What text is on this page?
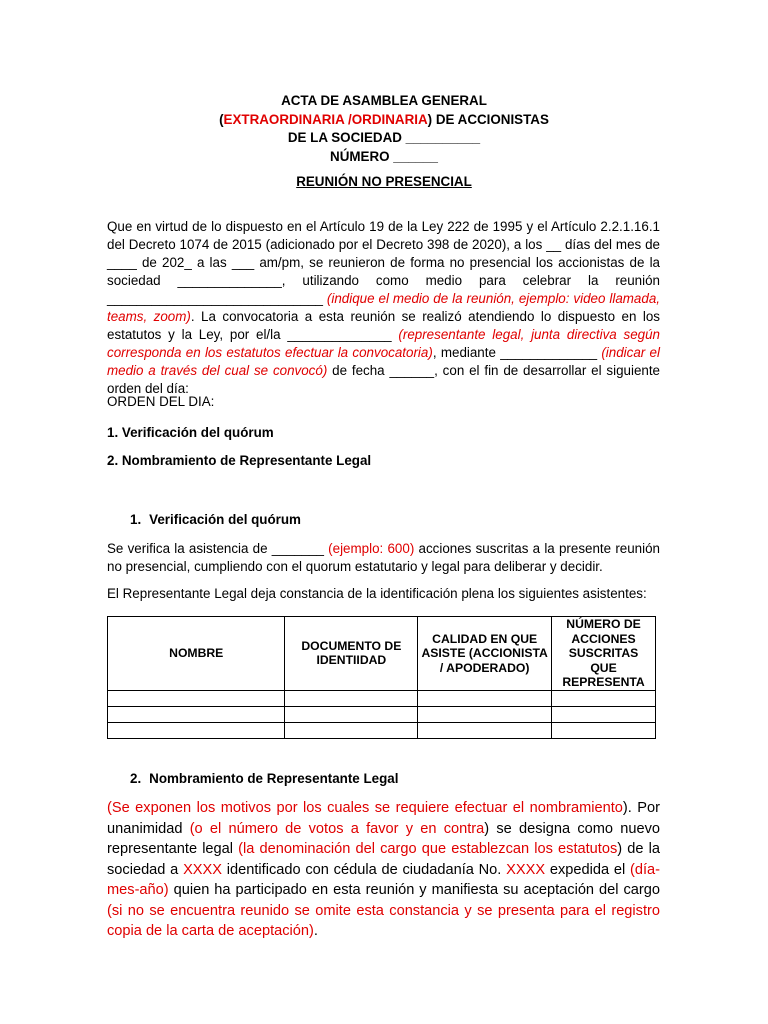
ACTA DE ASAMBLEA GENERAL
(EXTRAORDINARIA /ORDINARIA) DE ACCIONISTAS
DE LA SOCIEDAD __________
NÚMERO ______
REUNIÓN NO PRESENCIAL
Que en virtud de lo dispuesto en el Artículo 19 de la Ley 222 de 1995 y el Artículo 2.2.1.16.1 del Decreto 1074 de 2015 (adicionado por el Decreto 398 de 2020), a los __ días del mes de ____ de 202_ a las ___ am/pm, se reunieron de forma no presencial los accionistas de la sociedad ______________, utilizando como medio para celebrar la reunión _____________________________ (indique el medio de la reunión, ejemplo: video llamada, teams, zoom). La convocatoria a esta reunión se realizó atendiendo lo dispuesto en los estatutos y la Ley, por el/la ______________ (representante legal, junta directiva según corresponda en los estatutos efectuar la convocatoria), mediante _____________ (indicar el medio a través del cual se convocó) de fecha ______, con el fin de desarrollar el siguiente orden del día:
ORDEN DEL DIA:
1. Verificación del quórum
2. Nombramiento de Representante Legal
1. Verificación del quórum
Se verifica la asistencia de _______ (ejemplo: 600) acciones suscritas a la presente reunión no presencial, cumpliendo con el quorum estatutario y legal para deliberar y decidir.
El Representante Legal deja constancia de la identificación plena los siguientes asistentes:
NOMBRE	DOCUMENTO DE IDENTIIDAD	CALIDAD EN QUE ASISTE (ACCIONISTA / APODERADO)	NÚMERO DE ACCIONES SUSCRITAS QUE REPRESENTA

2. Nombramiento de Representante Legal
(Se exponen los motivos por los cuales se requiere efectuar el nombramiento). Por unanimidad (o el número de votos a favor y en contra) se designa como nuevo representante legal (la denominación del cargo que establezcan los estatutos) de la sociedad a XXXX identificado con cédula de ciudadanía No. XXXX expedida el (día-mes-año) quien ha participado en esta reunión y manifiesta su aceptación del cargo (si no se encuentra reunido se omite esta constancia y se presenta para el registro copia de la carta de aceptación).
